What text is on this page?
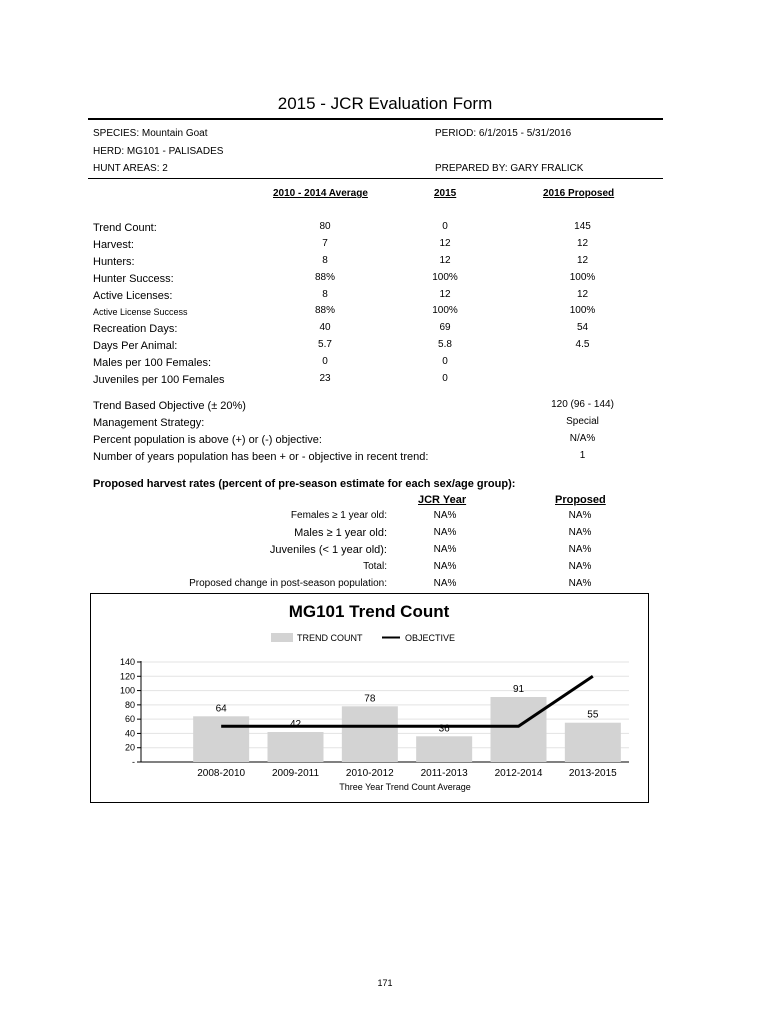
2015 - JCR Evaluation Form
SPECIES: Mountain Goat	PERIOD: 6/1/2015 - 5/31/2016
HERD: MG101 - PALISADES
HUNT AREAS: 2	PREPARED BY: GARY FRALICK
2010 - 2014 Average	2015	2016 Proposed
Trend Count:	80	0	145
Harvest:	7	12	12
Hunters:	8	12	12
Hunter Success:	88%	100%	100%
Active Licenses:	8	12	12
Active License Success	88%	100%	100%
Recreation Days:	40	69	54
Days Per Animal:	5.7	5.8	4.5
Males per 100 Females:	0	0
Juveniles per 100 Females	23	0
Trend Based Objective (± 20%)	120 (96 - 144)
Management Strategy:	Special
Percent population is above (+) or (-) objective:	N/A%
Number of years population has been + or - objective in recent trend:	1
Proposed harvest rates (percent of pre-season estimate for each sex/age group):
JCR Year	Proposed
Females ≥ 1 year old:	NA%	NA%
Males ≥ 1 year old:	NA%	NA%
Juveniles (< 1 year old):	NA%	NA%
Total:	NA%	NA%
Proposed change in post-season population:	NA%	NA%
MG101 Trend Count
TREND COUNT	OBJECTIVE
-
20
40
60
80
100
120
140
2008-2010	2009-2011	2010-2012	2011-2013	2012-2014	2013-2015
64
42
78
36
91
55
Three Year Trend Count Average
171
